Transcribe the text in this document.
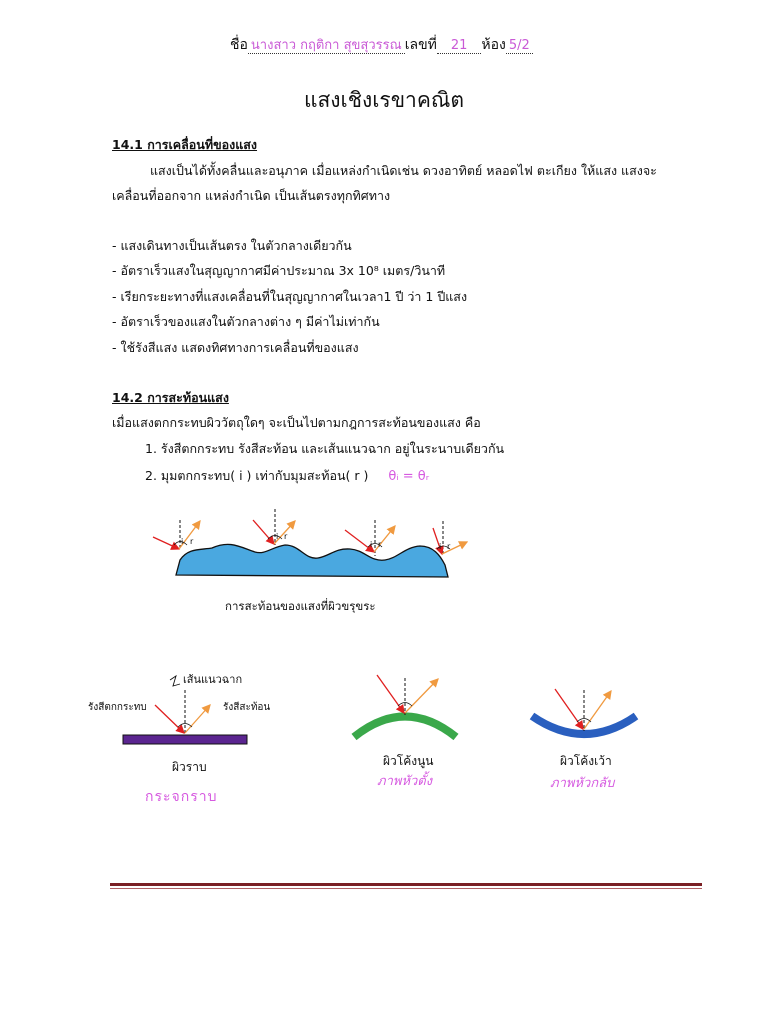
ชื่อ นางสาว กฤติกา สุขสุวรรณ เลขที่ 21 ห้อง 5/2
แสงเชิงเรขาคณิต
14.1 การเคลื่อนที่ของแสง
แสงเป็นได้ทั้งคลื่นและอนุภาค เมื่อแหล่งกำเนิดเช่น ดวงอาทิตย์ หลอดไฟ ตะเกียง ให้แสง แสงจะเคลื่อนที่ออกจาก แหล่งกำเนิด เป็นเส้นตรงทุกทิศทาง
- แสงเดินทางเป็นเส้นตรง ในตัวกลางเดียวกัน
- อัตราเร็วแสงในสุญญากาศมีค่าประมาณ 3x 10⁸ เมตร/วินาที
- เรียกระยะทางที่แสงเคลื่อนที่ในสุญญากาศในเวลา1 ปี ว่า 1 ปีแสง
- อัตราเร็วของแสงในตัวกลางต่าง ๆ มีค่าไม่เท่ากัน
- ใช้รังสีแสง แสดงทิศทางการเคลื่อนที่ของแสง
14.2 การสะท้อนแสง
เมื่อแสงตกกระทบผิววัตถุใดๆ จะเป็นไปตามกฎการสะท้อนของแสง คือ
1. รังสีตกกระทบ รังสีสะท้อน และเส้นแนวฉาก อยู่ในระนาบเดียวกัน
2. มุมตกกระทบ( i ) เท่ากับมุมสะท้อน( r ) θᵢ = θᵣ
i r
i r
i r	i r
การสะท้อนของแสงที่ผิวขรุขระ
เส้นแนวฉาก
รังสีตกกระทบ	รังสีสะท้อน
ผิวราบ
กระจกราบ
ผิวโค้งนูน
ภาพหัวตั้ง
ผิวโค้งเว้า
ภาพหัวกลับ
